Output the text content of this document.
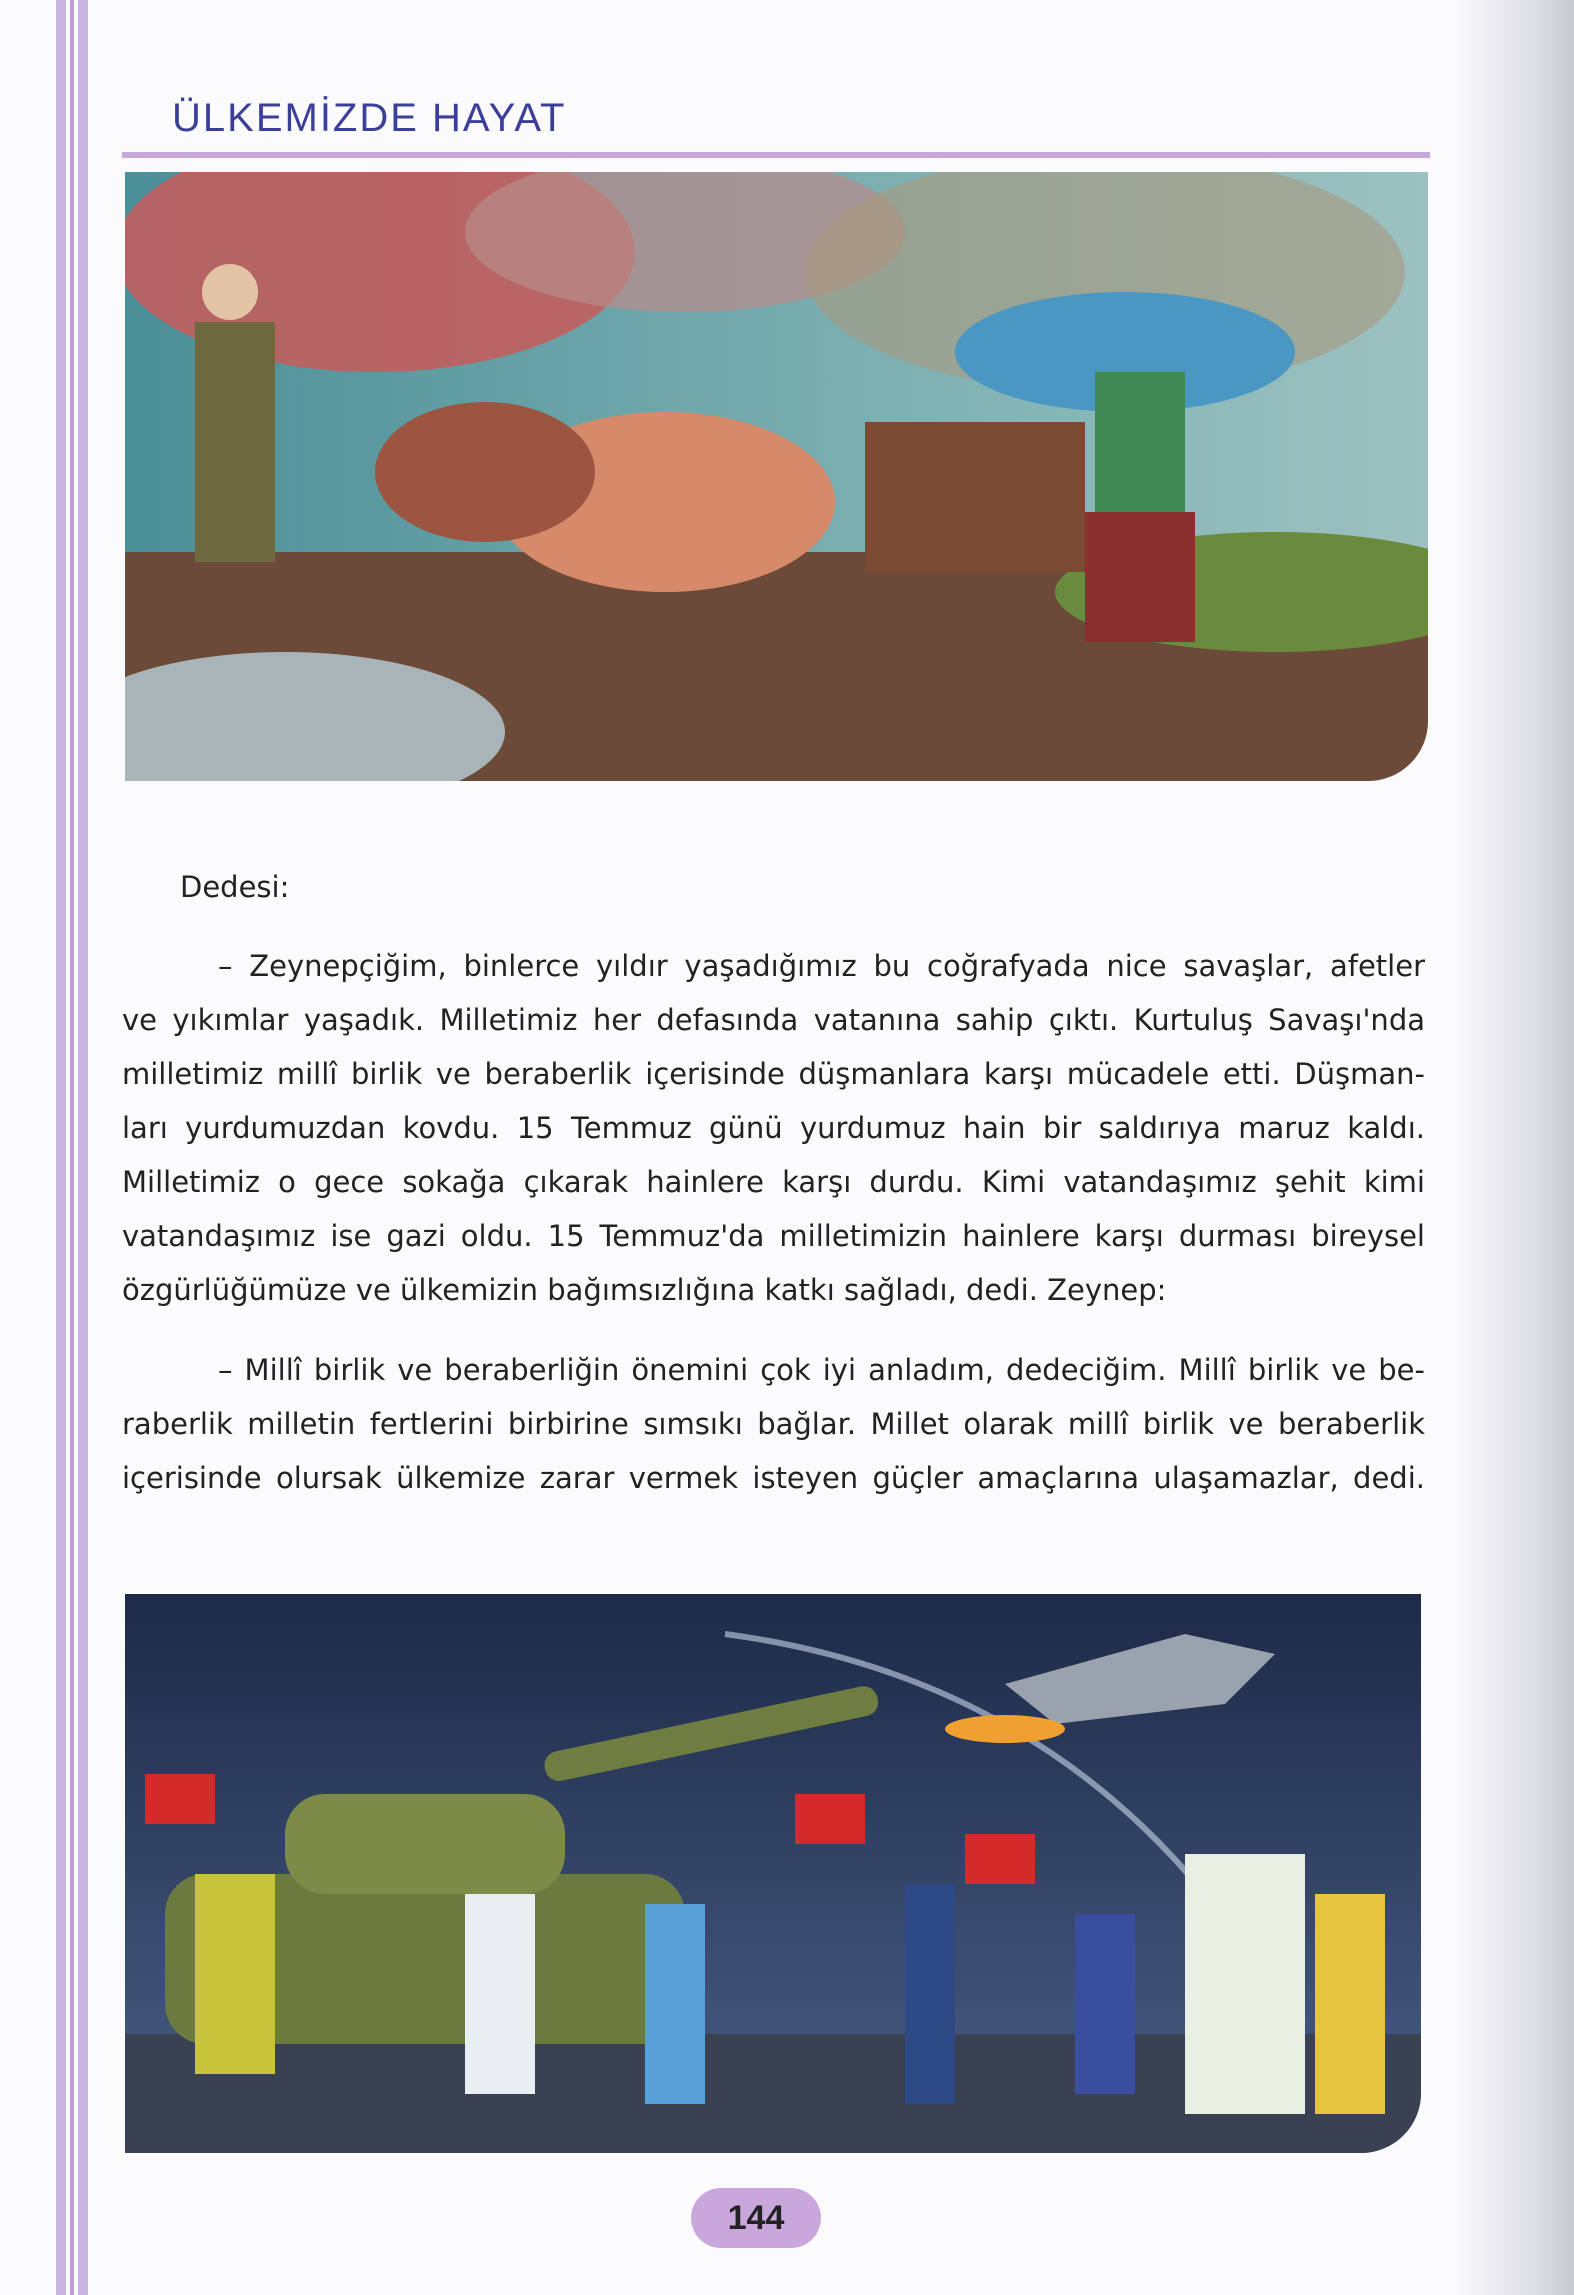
ÜLKEMİZDE HAYAT
Dedesi:
– Zeynepçiğim, binlerce yıldır yaşadığımız bu coğrafyada nice savaşlar, afetler
ve yıkımlar yaşadık. Milletimiz her defasında vatanına sahip çıktı. Kurtuluş Savaşı'nda
milletimiz millî birlik ve beraberlik içerisinde düşmanlara karşı mücadele etti. Düşman-
ları yurdumuzdan kovdu. 15 Temmuz günü yurdumuz hain bir saldırıya maruz kaldı.
Milletimiz o gece sokağa çıkarak hainlere karşı durdu. Kimi vatandaşımız şehit kimi
vatandaşımız ise gazi oldu. 15 Temmuz'da milletimizin hainlere karşı durması bireysel
özgürlüğümüze ve ülkemizin bağımsızlığına katkı sağladı, dedi. Zeynep:
– Millî birlik ve beraberliğin önemini çok iyi anladım, dedeciğim. Millî birlik ve be-
raberlik milletin fertlerini birbirine sımsıkı bağlar. Millet olarak millî birlik ve beraberlik
içerisinde olursak ülkemize zarar vermek isteyen güçler amaçlarına ulaşamazlar, dedi.
144
